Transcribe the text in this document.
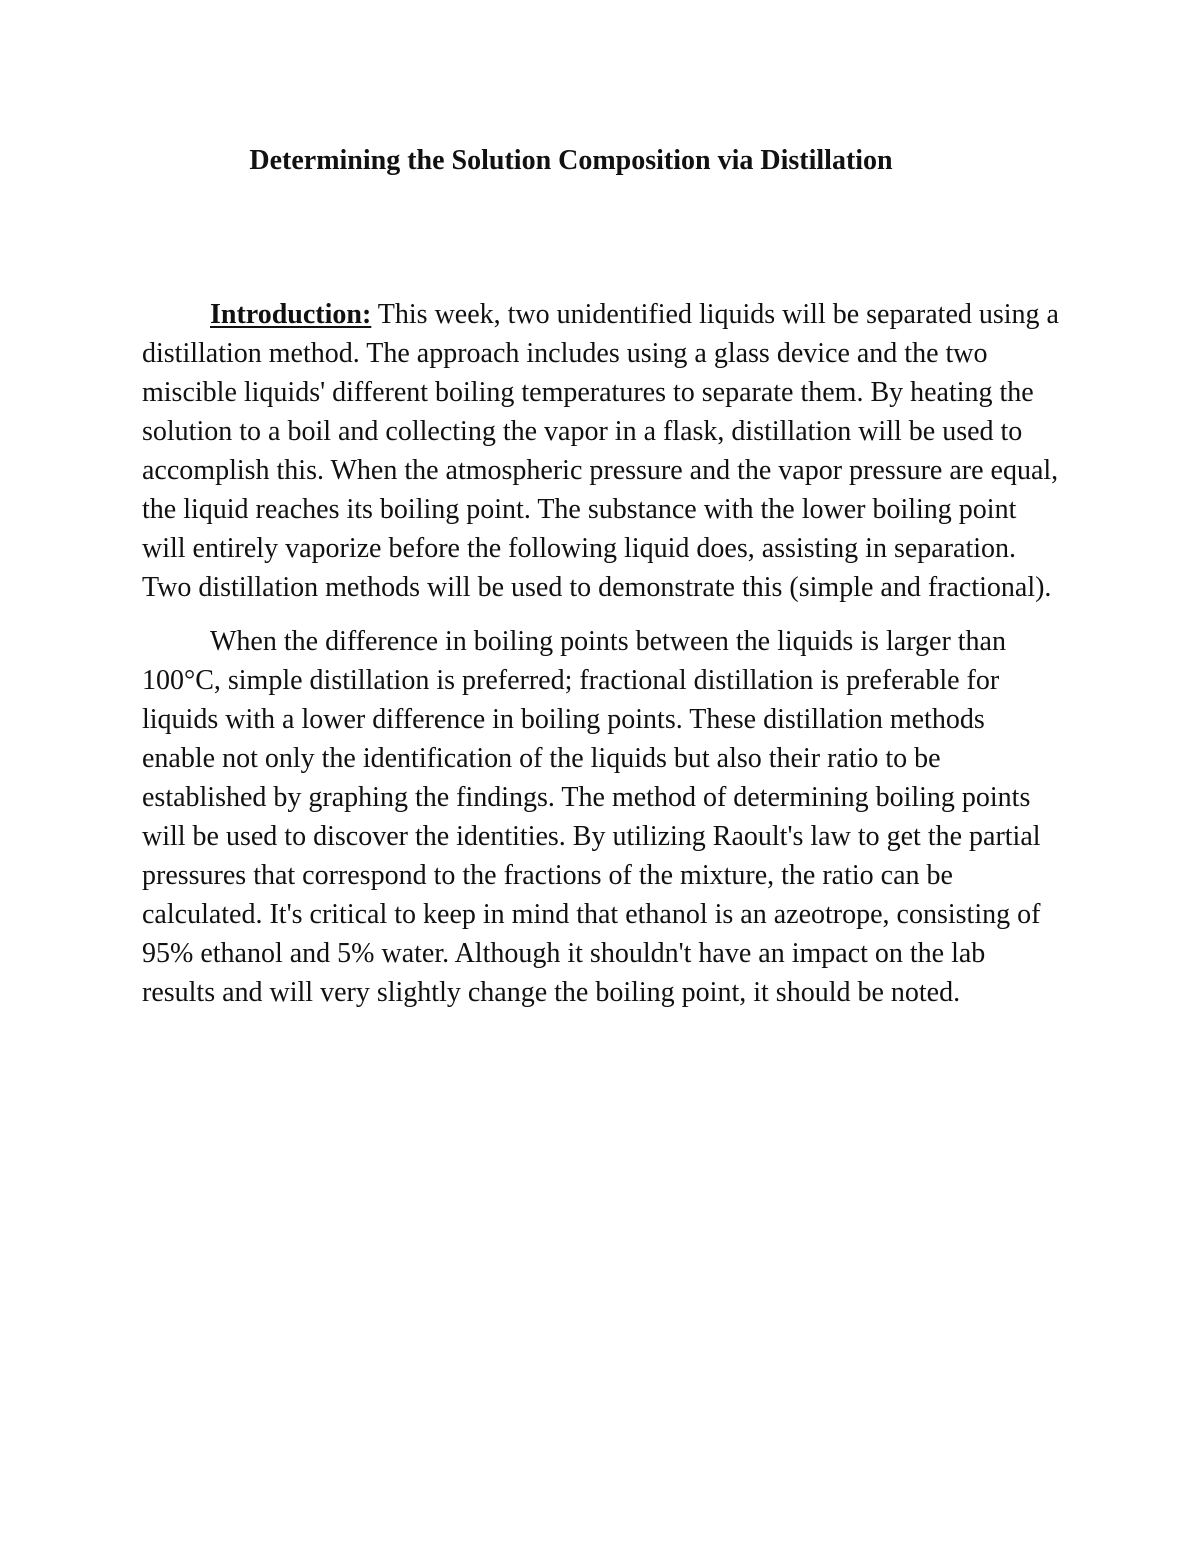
Determining the Solution Composition via Distillation

Introduction: This week, two unidentified liquids will be separated using a distillation method. The approach includes using a glass device and the two miscible liquids' different boiling temperatures to separate them. By heating the solution to a boil and collecting the vapor in a flask, distillation will be used to accomplish this. When the atmospheric pressure and the vapor pressure are equal, the liquid reaches its boiling point. The substance with the lower boiling point will entirely vaporize before the following liquid does, assisting in separation. Two distillation methods will be used to demonstrate this (simple and fractional).

When the difference in boiling points between the liquids is larger than 100°C, simple distillation is preferred; fractional distillation is preferable for liquids with a lower difference in boiling points. These distillation methods enable not only the identification of the liquids but also their ratio to be established by graphing the findings. The method of determining boiling points will be used to discover the identities. By utilizing Raoult's law to get the partial pressures that correspond to the fractions of the mixture, the ratio can be calculated. It's critical to keep in mind that ethanol is an azeotrope, consisting of 95% ethanol and 5% water. Although it shouldn't have an impact on the lab results and will very slightly change the boiling point, it should be noted.
